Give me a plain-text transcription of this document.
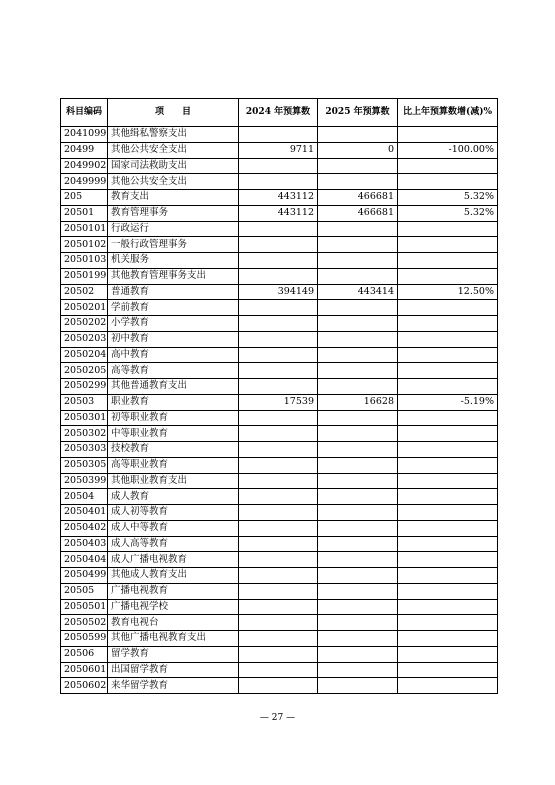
科目编码	项　　目	2024 年预算数	2025 年预算数	比上年预算数增(减)%
2041099	其他缉私警察支出			
20499	其他公共安全支出	9711	0	-100.00%
2049902	国家司法救助支出			
2049999	其他公共安全支出			
205	教育支出	443112	466681	5.32%
20501	教育管理事务	443112	466681	5.32%
2050101	行政运行			
2050102	一般行政管理事务			
2050103	机关服务			
2050199	其他教育管理事务支出			
20502	普通教育	394149	443414	12.50%
2050201	学前教育			
2050202	小学教育			
2050203	初中教育			
2050204	高中教育			
2050205	高等教育			
2050299	其他普通教育支出			
20503	职业教育	17539	16628	-5.19%
2050301	初等职业教育			
2050302	中等职业教育			
2050303	技校教育			
2050305	高等职业教育			
2050399	其他职业教育支出			
20504	成人教育			
2050401	成人初等教育			
2050402	成人中等教育			
2050403	成人高等教育			
2050404	成人广播电视教育			
2050499	其他成人教育支出			
20505	广播电视教育			
2050501	广播电视学校			
2050502	教育电视台			
2050599	其他广播电视教育支出			
20506	留学教育			
2050601	出国留学教育			
2050602	来华留学教育			
— 27 —
